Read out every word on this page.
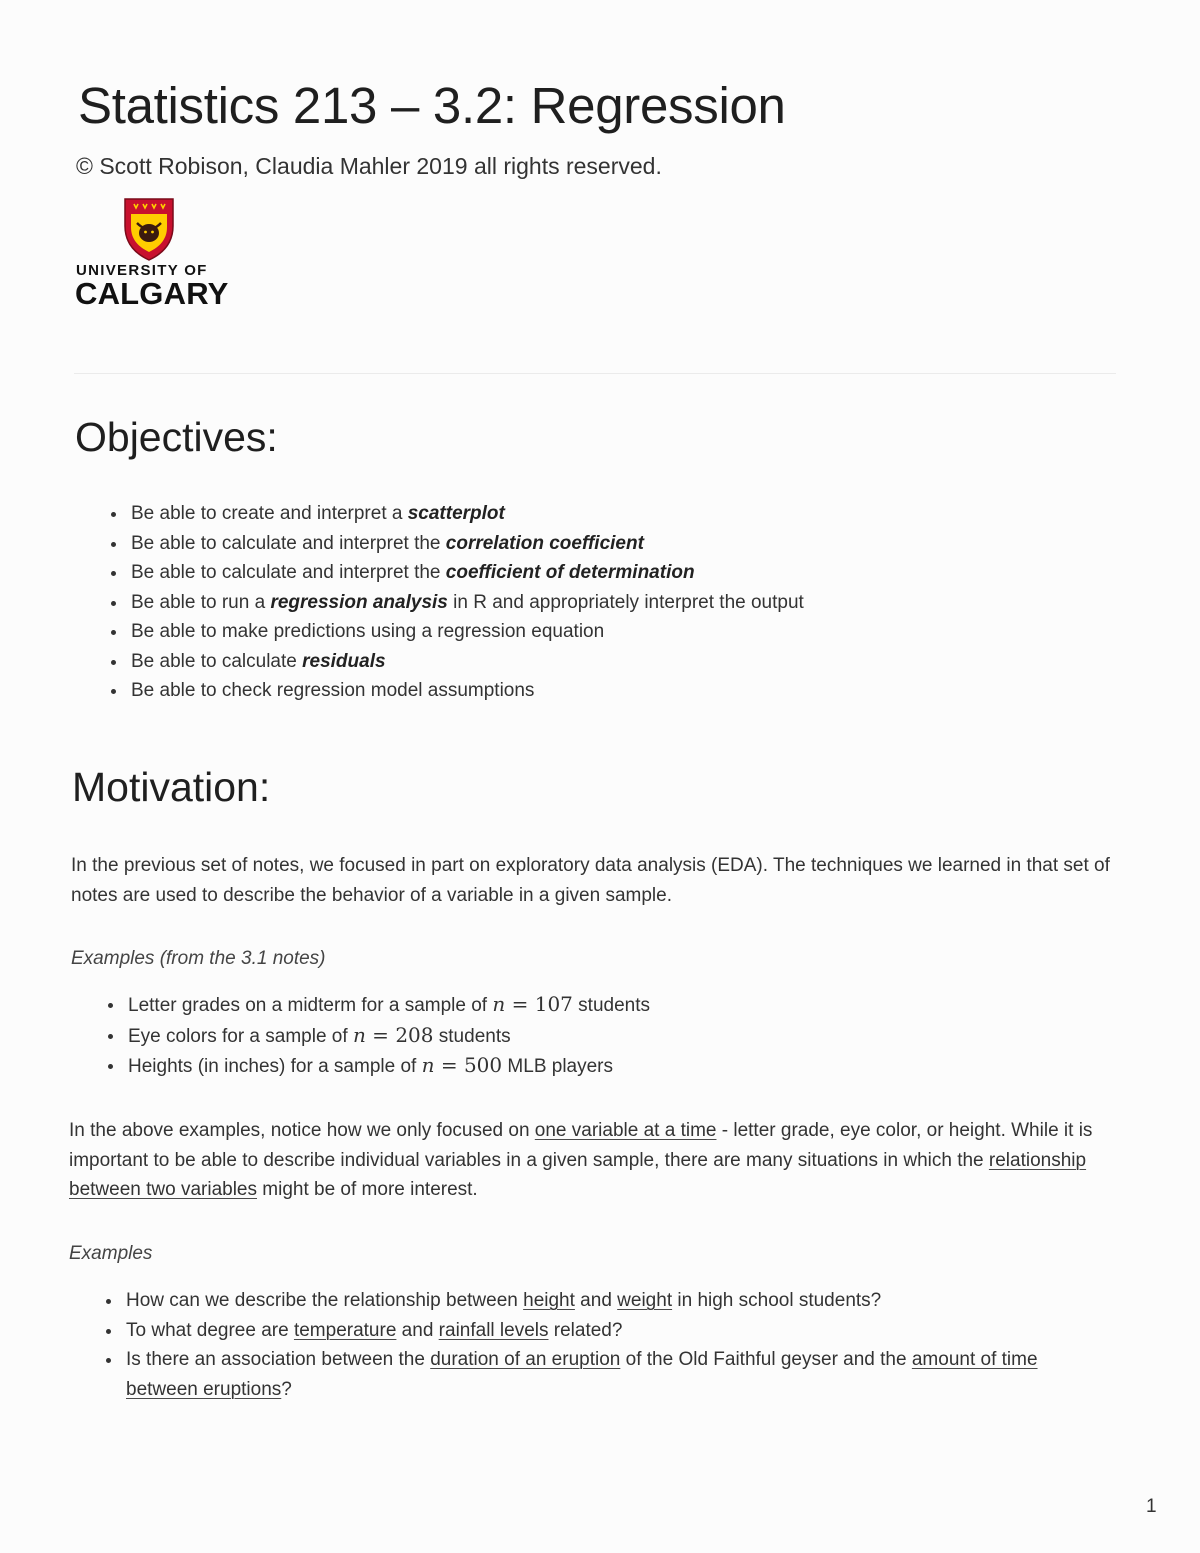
Statistics 213 – 3.2: Regression
© Scott Robison, Claudia Mahler 2019 all rights reserved.
UNIVERSITY OF
CALGARY
Objectives:
Be able to create and interpret a scatterplot
Be able to calculate and interpret the correlation coefficient
Be able to calculate and interpret the coefficient of determination
Be able to run a regression analysis in R and appropriately interpret the output
Be able to make predictions using a regression equation
Be able to calculate residuals
Be able to check regression model assumptions
Motivation:

In the previous set of notes, we focused in part on exploratory data analysis (EDA). The techniques we learned in that set of notes are used to describe the behavior of a variable in a given sample.

Examples (from the 3.1 notes)
Letter grades on a midterm for a sample of n = 107 students
Eye colors for a sample of n = 208 students
Heights (in inches) for a sample of n = 500 MLB players

In the above examples, notice how we only focused on one variable at a time - letter grade, eye color, or height. While it is important to be able to describe individual variables in a given sample, there are many situations in which the relationship between two variables might be of more interest.

Examples
How can we describe the relationship between height and weight in high school students?
To what degree are temperature and rainfall levels related?
Is there an association between the duration of an eruption of the Old Faithful geyser and the amount of time between eruptions?
1
